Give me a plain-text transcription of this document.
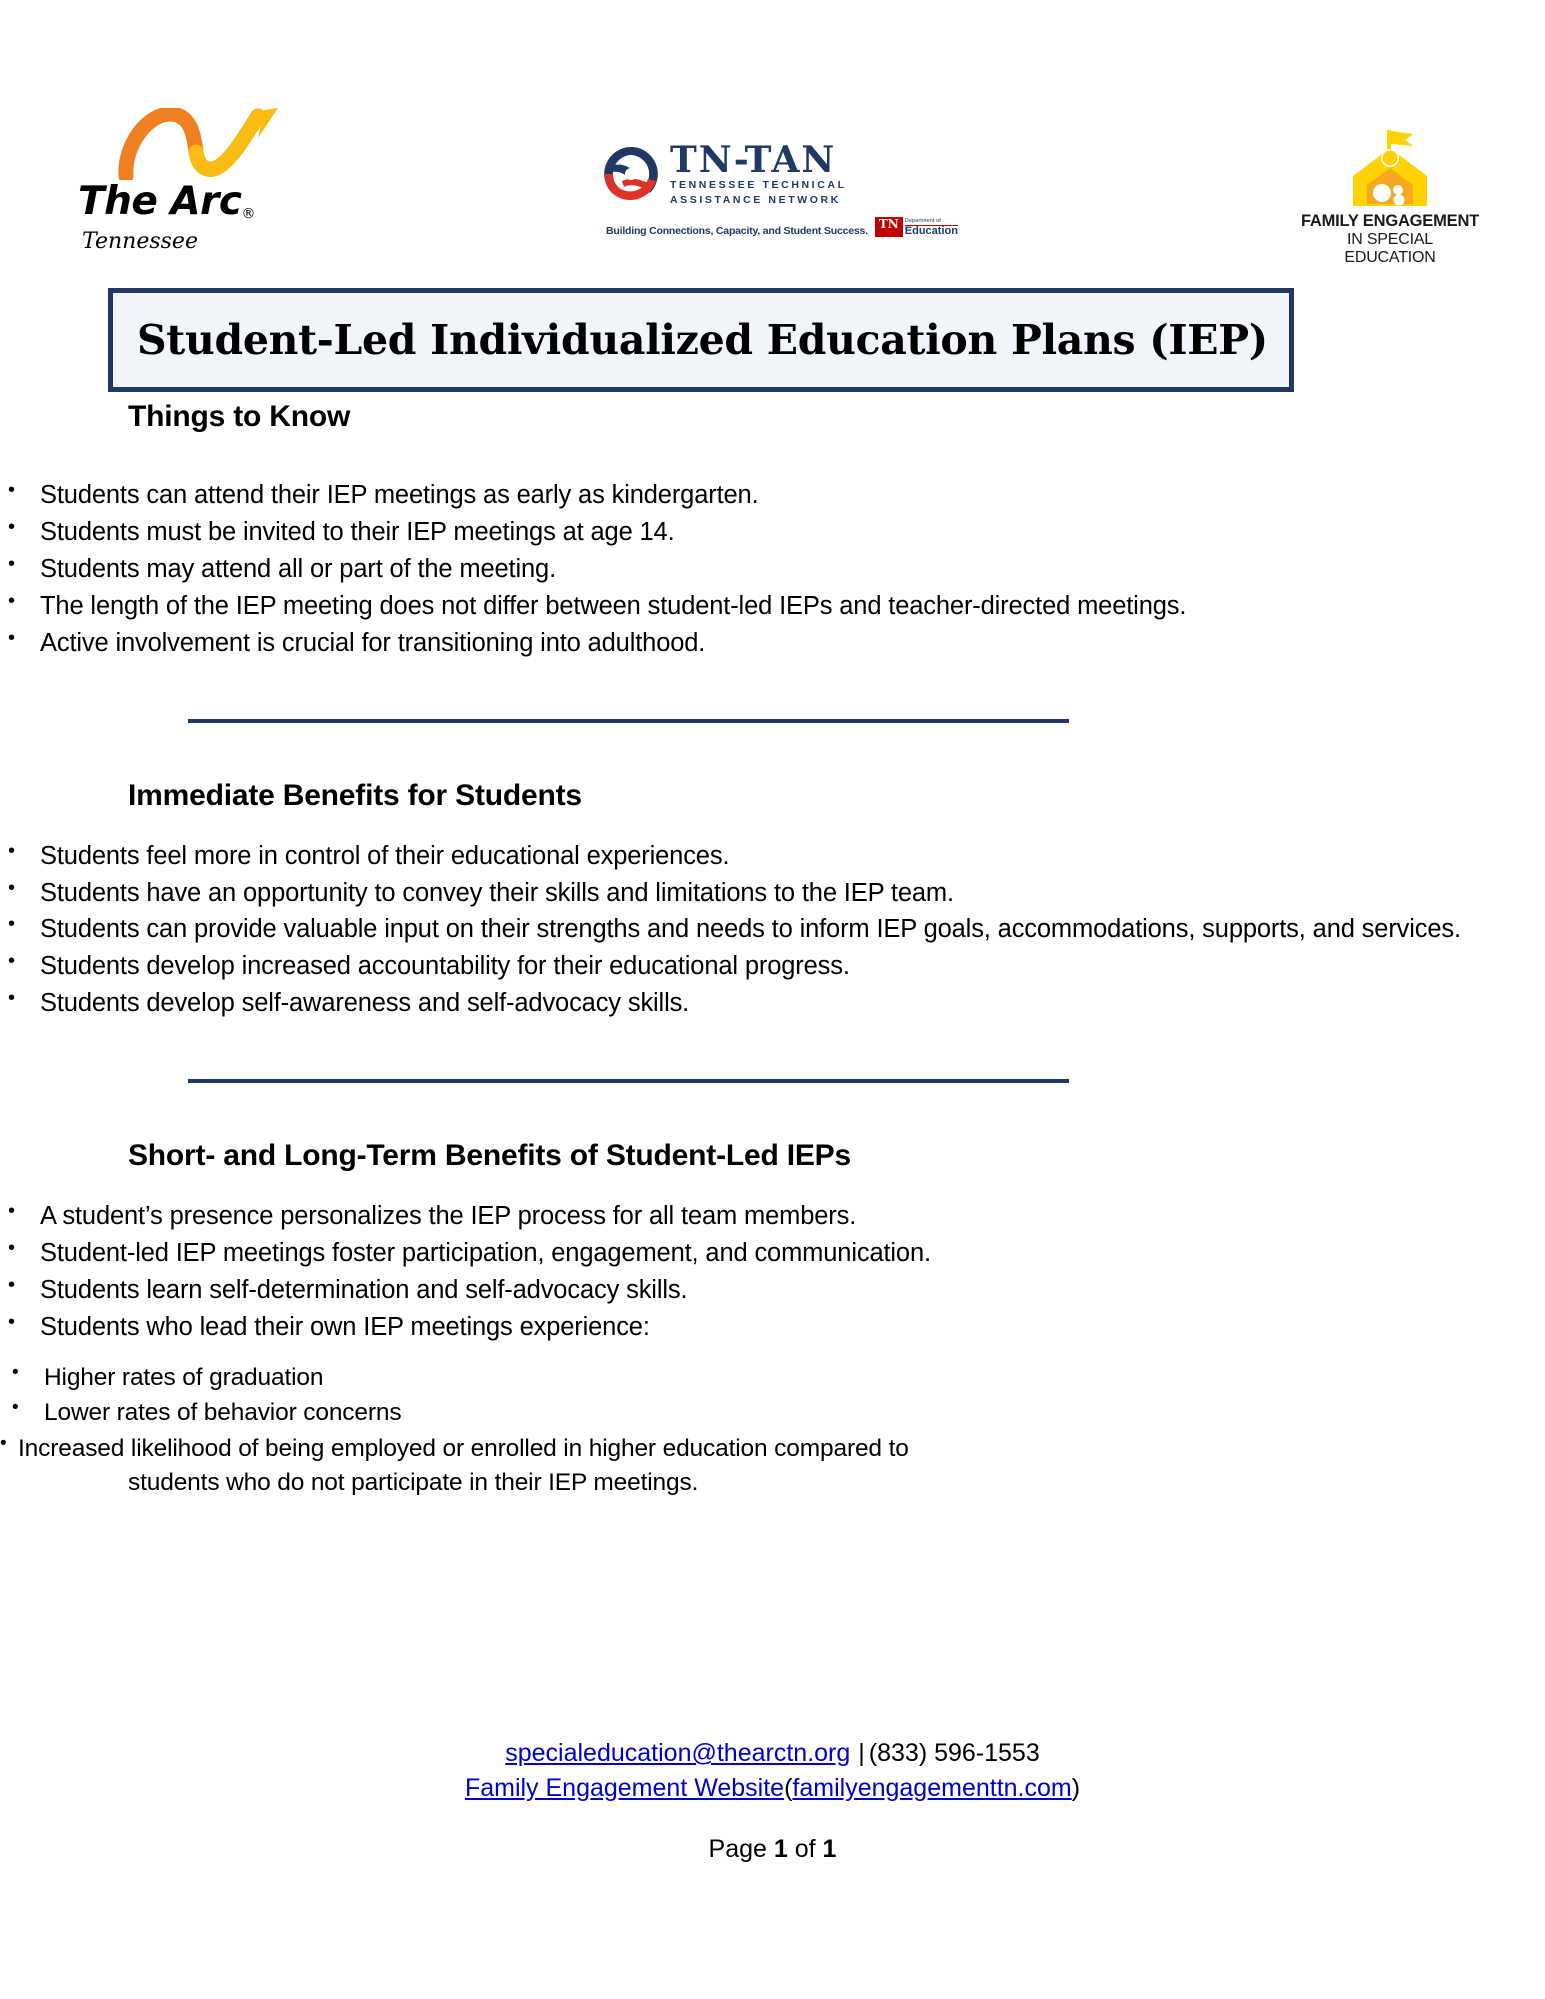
The Arc®
Tennessee
TN-TAN
TENNESSEE TECHNICAL
ASSISTANCE NETWORK
Building Connections, Capacity, and Student Success. TN	Department of
Education
FAMILY ENGAGEMENT
IN SPECIAL EDUCATION
Student-Led Individualized Education Plans (IEP)
Things to Know
• Students can attend their IEP meetings as early as kindergarten.
• Students must be invited to their IEP meetings at age 14.
• Students may attend all or part of the meeting.
• The length of the IEP meeting does not differ between student-led IEPs and teacher-directed meetings.
• Active involvement is crucial for transitioning into adulthood.
Immediate Benefits for Students
• Students feel more in control of their educational experiences.
• Students have an opportunity to convey their skills and limitations to the IEP team.
• Students can provide valuable input on their strengths and needs to inform IEP goals, accommodations, supports, and services.
• Students develop increased accountability for their educational progress.
• Students develop self-awareness and self-advocacy skills.
Short- and Long-Term Benefits of Student-Led IEPs
• A student’s presence personalizes the IEP process for all team members.
• Student-led IEP meetings foster participation, engagement, and communication.
• Students learn self-determination and self-advocacy skills.
• Students who lead their own IEP meetings experience:
• Higher rates of graduation
• Lower rates of behavior concerns
• Increased likelihood of being employed or enrolled in higher education compared to
students who do not participate in their IEP meetings.
specialeducation@thearctn.org | (833) 596-1553
Family Engagement Website(familyengagementtn.com)
Page 1 of 1
